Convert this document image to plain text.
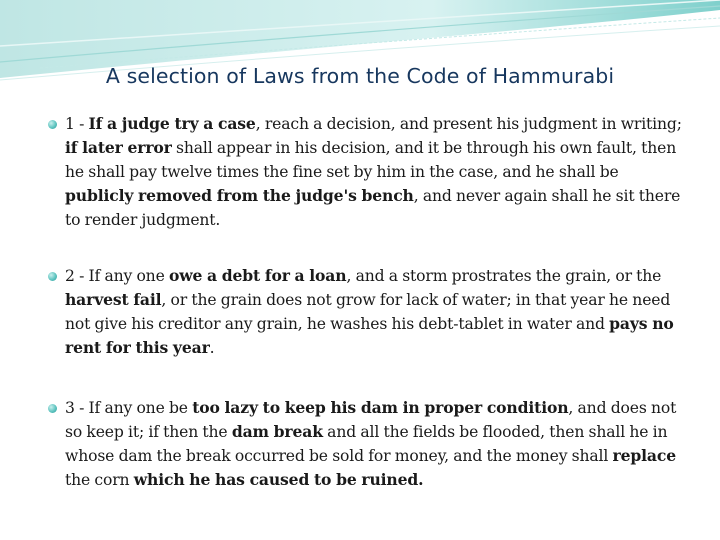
A selection of Laws from the Code of Hammurabi

1 - If a judge try a case, reach a decision, and present his judgment in writing; if later error shall appear in his decision, and it be through his own fault, then he shall pay twelve times the fine set by him in the case, and he shall be publicly removed from the judge's bench, and never again shall he sit there to render judgment.

2 - If any one owe a debt for a loan, and a storm prostrates the grain, or the harvest fail, or the grain does not grow for lack of water; in that year he need not give his creditor any grain, he washes his debt-tablet in water and pays no rent for this year.

3 - If any one be too lazy to keep his dam in proper condition, and does not so keep it; if then the dam break and all the fields be flooded, then shall he in whose dam the break occurred be sold for money, and the money shall replace the corn which he has caused to be ruined.
